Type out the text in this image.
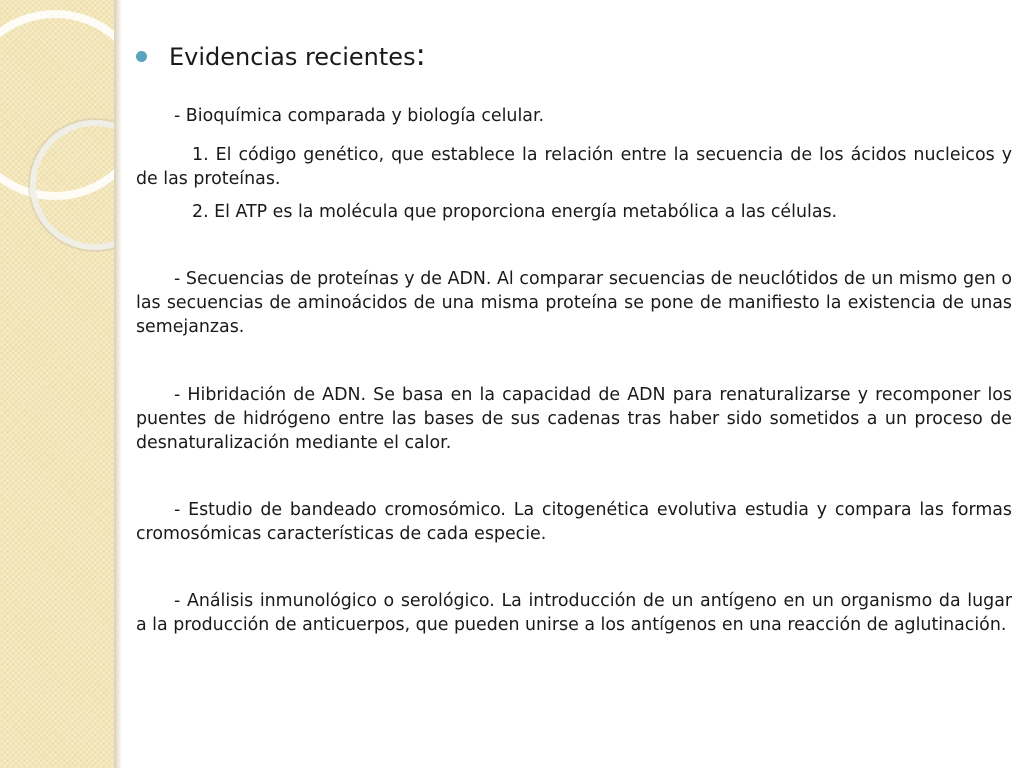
Evidencias recientes:
- Bioquímica comparada y biología celular.
1. El código genético, que establece la relación entre la secuencia de los ácidos nucleicos y de las proteínas.
2. El ATP es la molécula que proporciona energía metabólica a las células.
- Secuencias de proteínas y de ADN. Al comparar secuencias de neuclótidos de un mismo gen o las secuencias de aminoácidos de una misma proteína se pone de manifiesto la existencia de unas semejanzas.
- Hibridación de ADN. Se basa en la capacidad de ADN para renaturalizarse y recomponer los puentes de hidrógeno entre las bases de sus cadenas tras haber sido sometidos a un proceso de desnaturalización mediante el calor.
- Estudio de bandeado cromosómico. La citogenética evolutiva estudia y compara las formas cromosómicas características de cada especie.
- Análisis inmunológico o serológico. La introducción de un antígeno en un organismo da lugar a la producción de anticuerpos, que pueden unirse a los antígenos en una reacción de aglutinación.
